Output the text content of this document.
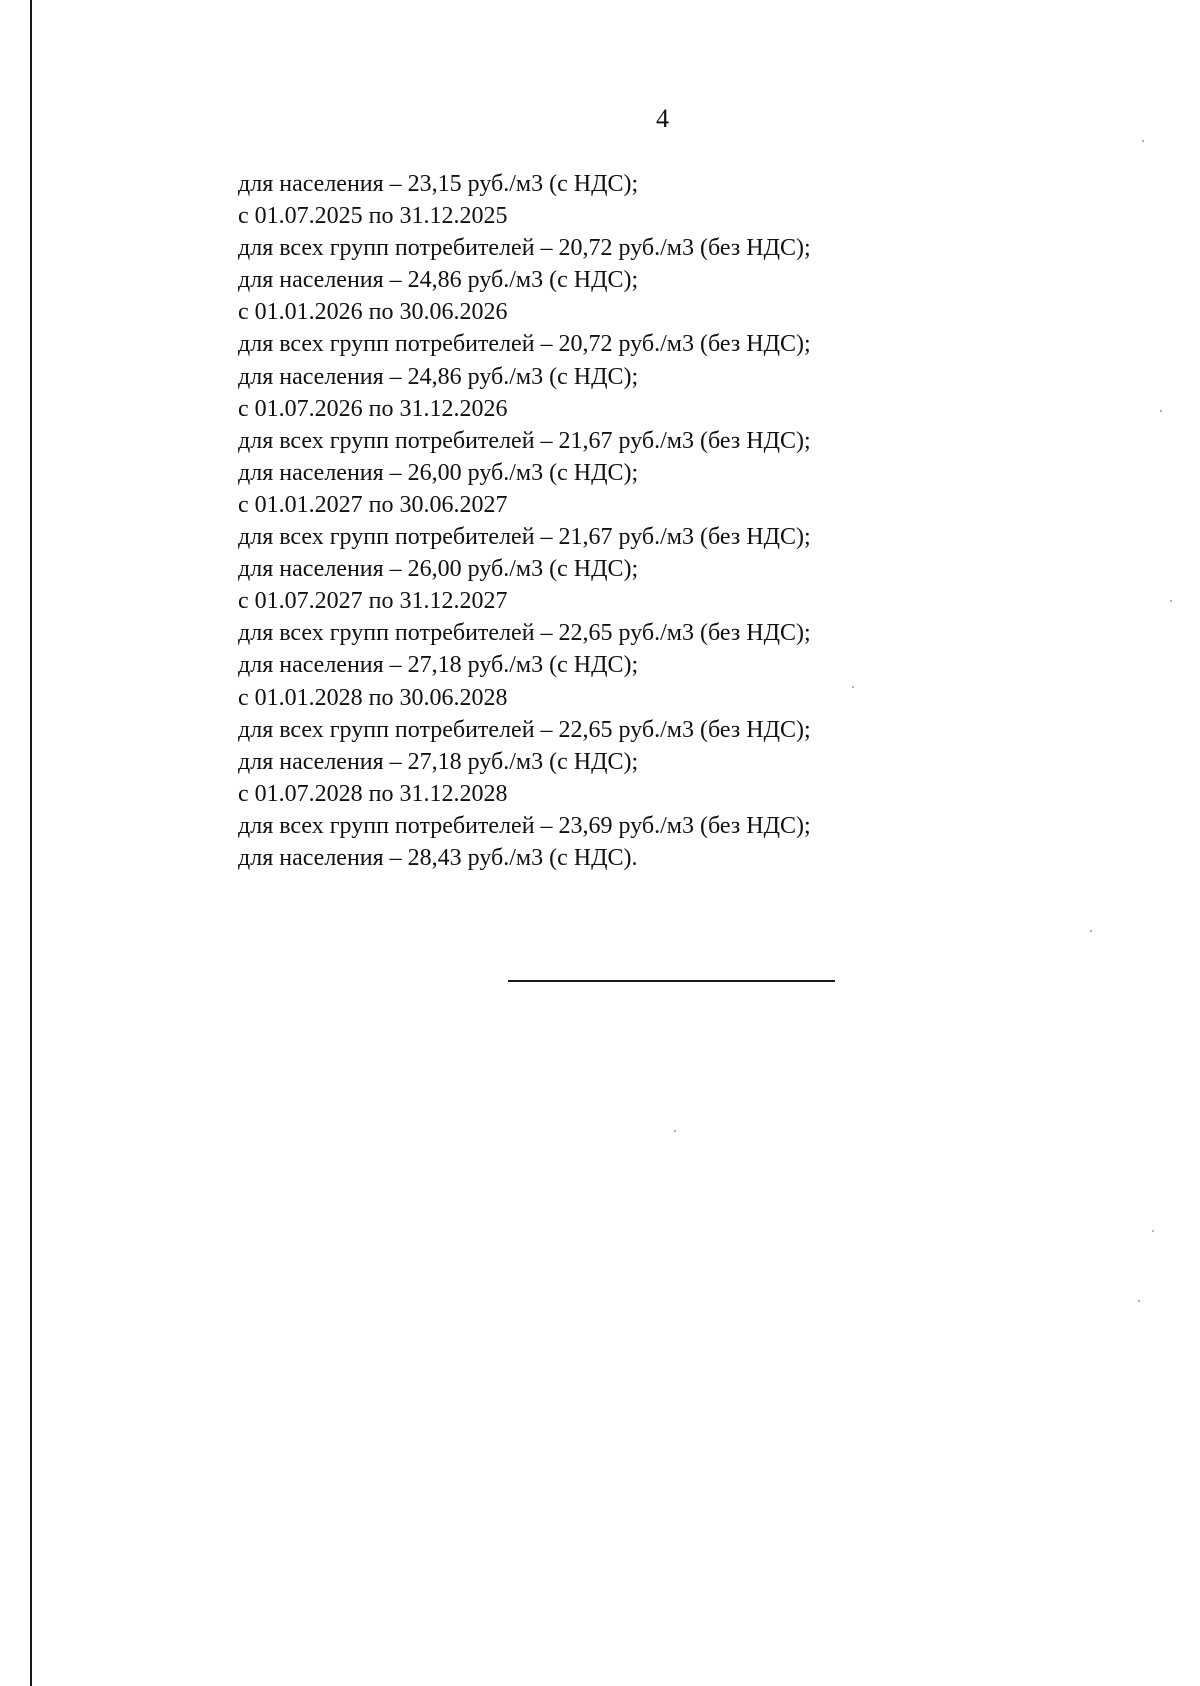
4
для населения – 23,15 руб./м3 (с НДС);
с 01.07.2025 по 31.12.2025
для всех групп потребителей – 20,72 руб./м3 (без НДС);
для населения – 24,86 руб./м3 (с НДС);
с 01.01.2026 по 30.06.2026
для всех групп потребителей – 20,72 руб./м3 (без НДС);
для населения – 24,86 руб./м3 (с НДС);
с 01.07.2026 по 31.12.2026
для всех групп потребителей – 21,67 руб./м3 (без НДС);
для населения – 26,00 руб./м3 (с НДС);
с 01.01.2027 по 30.06.2027
для всех групп потребителей – 21,67 руб./м3 (без НДС);
для населения – 26,00 руб./м3 (с НДС);
с 01.07.2027 по 31.12.2027
для всех групп потребителей – 22,65 руб./м3 (без НДС);
для населения – 27,18 руб./м3 (с НДС);
с 01.01.2028 по 30.06.2028
для всех групп потребителей – 22,65 руб./м3 (без НДС);
для населения – 27,18 руб./м3 (с НДС);
с 01.07.2028 по 31.12.2028
для всех групп потребителей – 23,69 руб./м3 (без НДС);
для населения – 28,43 руб./м3 (с НДС).
